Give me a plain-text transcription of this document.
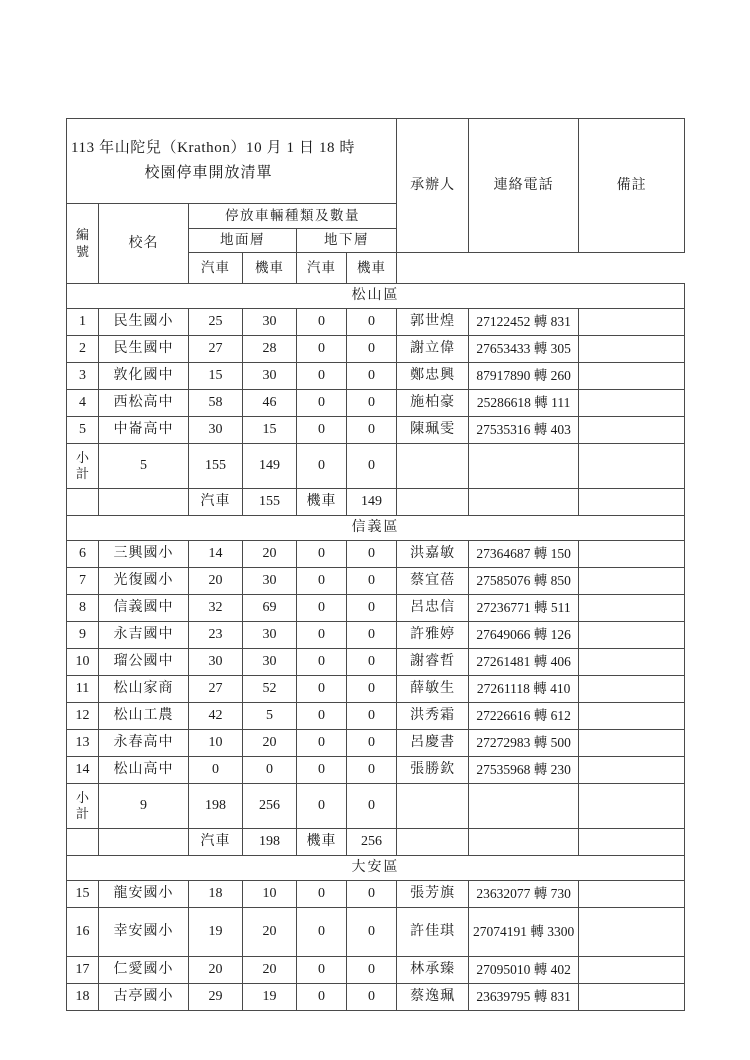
113 年山陀兒（Krathon）10 月 1 日 18 時
校園停車開放清單						承辦人	連絡電話	備註

編
號	校名	停放車輛種類及數量						
		地面層		地下層				
		汽車	機車	汽車	機車			
松山區								
1	民生國小	25	30	0	0	郭世煌	27122452 轉 831	
2	民生國中	27	28	0	0	謝立偉	27653433 轉 305	
3	敦化國中	15	30	0	0	鄭忠興	87917890 轉 260	
4	西松高中	58	46	0	0	施柏豪	25286618 轉 111	
5	中崙高中	30	15	0	0	陳珮雯	27535316 轉 403	

小
計	5	155	149	0	0			
		汽車	155	機車	149			
信義區								
6	三興國小	14	20	0	0	洪嘉敏	27364687 轉 150	
7	光復國小	20	30	0	0	蔡宜蓓	27585076 轉 850	
8	信義國中	32	69	0	0	呂忠信	27236771 轉 511	
9	永吉國中	23	30	0	0	許雅婷	27649066 轉 126	
10	瑠公國中	30	30	0	0	謝睿哲	27261481 轉 406	
11	松山家商	27	52	0	0	薛敏生	27261118 轉 410	
12	松山工農	42	5	0	0	洪秀霜	27226616 轉 612	
13	永春高中	10	20	0	0	呂慶書	27272983 轉 500	
14	松山高中	0	0	0	0	張勝欽	27535968 轉 230	

小
計	9	198	256	0	0			
		汽車	198	機車	256			
大安區								
15	龍安國小	18	10	0	0	張芳旗	23632077 轉 730	
16	幸安國小	19	20	0	0	許佳琪	27074191 轉 3300	
17	仁愛國小	20	20	0	0	林承臻	27095010 轉 402	
18	古亭國小	29	19	0	0	蔡逸珮	23639795 轉 831	
